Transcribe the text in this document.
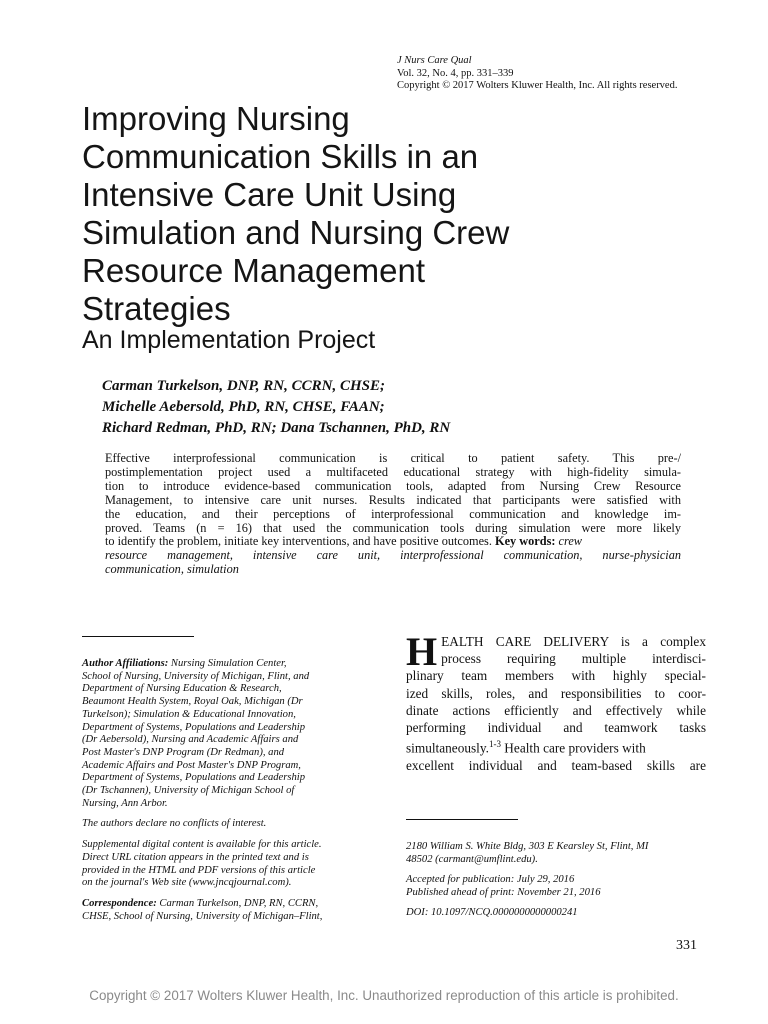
J Nurs Care Qual
Vol. 32, No. 4, pp. 331–339
Copyright © 2017 Wolters Kluwer Health, Inc. All rights reserved.
Improving Nursing
Communication Skills in an
Intensive Care Unit Using
Simulation and Nursing Crew
Resource Management
Strategies
An Implementation Project
Carman Turkelson, DNP, RN, CCRN, CHSE;
Michelle Aebersold, PhD, RN, CHSE, FAAN;
Richard Redman, PhD, RN; Dana Tschannen, PhD, RN
Effective interprofessional communication is critical to patient safety. This pre-/
postimplementation project used a multifaceted educational strategy with high-fidelity simula-
tion to introduce evidence-based communication tools, adapted from Nursing Crew Resource
Management, to intensive care unit nurses. Results indicated that participants were satisfied with
the education, and their perceptions of interprofessional communication and knowledge im-
proved. Teams (n = 16) that used the communication tools during simulation were more likely
to identify the problem, initiate key interventions, and have positive outcomes. Key words: crew
resource management, intensive care unit, interprofessional communication, nurse-physician
communication, simulation

Author Affiliations: Nursing Simulation Center,
School of Nursing, University of Michigan, Flint, and
Department of Nursing Education & Research,
Beaumont Health System, Royal Oak, Michigan (Dr
Turkelson); Simulation & Educational Innovation,
Department of Systems, Populations and Leadership
(Dr Aebersold), Nursing and Academic Affairs and
Post Master's DNP Program (Dr Redman), and
Academic Affairs and Post Master's DNP Program,
Department of Systems, Populations and Leadership
(Dr Tschannen), University of Michigan School of
Nursing, Ann Arbor.

The authors declare no conflicts of interest.

Supplemental digital content is available for this article.
Direct URL citation appears in the printed text and is
provided in the HTML and PDF versions of this article
on the journal's Web site (www.jncqjournal.com).

Correspondence: Carman Turkelson, DNP, RN, CCRN,
CHSE, School of Nursing, University of Michigan–Flint,

H EALTH CARE DELIVERY is a complex
process requiring multiple interdisci-
plinary team members with highly special-
ized skills, roles, and responsibilities to coor-
dinate actions efficiently and effectively while
performing individual and teamwork tasks
simultaneously.$^{1-3}$ Health care providers with
excellent individual and team-based skills are

2180 William S. White Bldg, 303 E Kearsley St, Flint, MI
48502 (carmant@umflint.edu).

Accepted for publication: July 29, 2016
Published ahead of print: November 21, 2016

DOI: 10.1097/NCQ.0000000000000241

331
Copyright © 2017 Wolters Kluwer Health, Inc. Unauthorized reproduction of this article is prohibited.
